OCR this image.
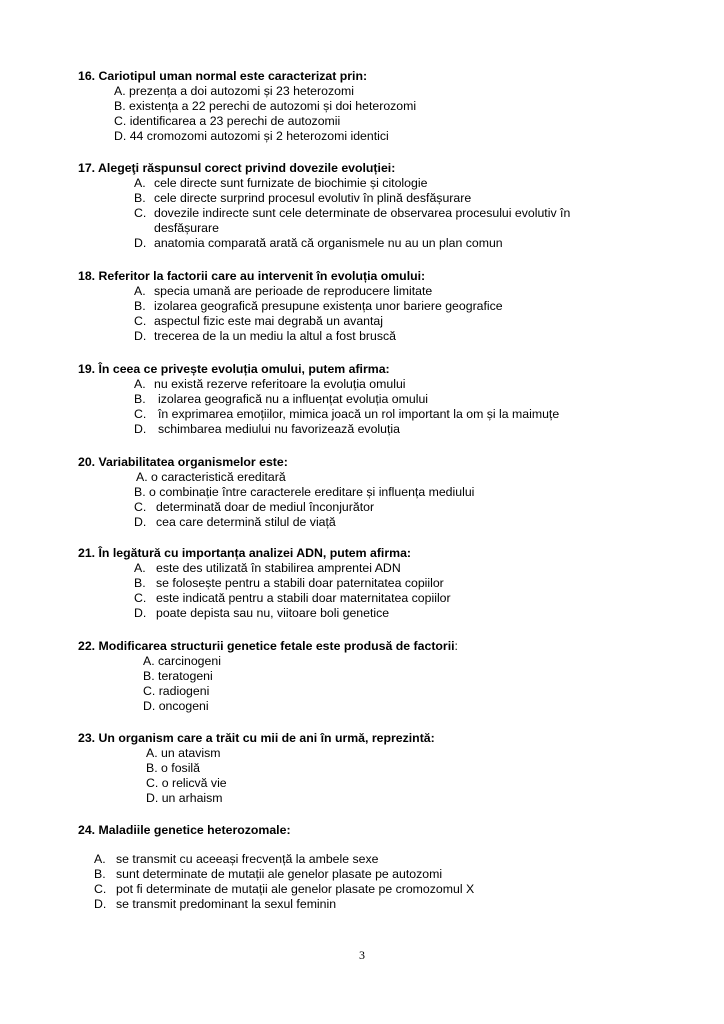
16. Cariotipul uman normal este caracterizat prin:

A. prezența a doi autozomi și 23 heterozomi

B. existența a 22 perechi de autozomi și doi heterozomi

C. identificarea a 23 perechi de autozomii

D. 44 cromozomi autozomi și 2 heterozomi identici

17. Alegeţi răspunsul corect privind dovezile evoluției:

A. cele directe sunt furnizate de biochimie și citologie

B. cele directe surprind procesul evolutiv în plină desfășurare

C. dovezile indirecte sunt cele determinate de observarea procesului evolutiv în

desfășurare

D. anatomia comparată arată că organismele nu au un plan comun

18. Referitor la factorii care au intervenit în evoluția omului:

A. specia umană are perioade de reproducere limitate

B. izolarea geografică presupune existența unor bariere geografice

C. aspectul fizic este mai degrabă un avantaj

D. trecerea de la un mediu la altul a fost bruscă

19. În ceea ce privește evoluția omului, putem afirma:

A. nu există rezerve referitoare la evoluția omului

B. izolarea geografică nu a influențat evoluția omului

C. în exprimarea emoțiilor, mimica joacă un rol important la om și la maimuțe

D. schimbarea mediului nu favorizează evoluția

20. Variabilitatea organismelor este:

A. o caracteristică ereditară

B. o combinație între caracterele ereditare și influența mediului

C. determinată doar de mediul înconjurător

D. cea care determină stilul de viață

21. În legătură cu importanța analizei ADN, putem afirma:

A. este des utilizată în stabilirea amprentei ADN

B. se folosește pentru a stabili doar paternitatea copiilor

C. este indicată pentru a stabili doar maternitatea copiilor

D. poate depista sau nu, viitoare boli genetice

22. Modificarea structurii genetice fetale este produsă de factorii:

A. carcinogeni

B. teratogeni

C. radiogeni

D. oncogeni

23. Un organism care a trăit cu mii de ani în urmă, reprezintă:

A. un atavism

B. o fosilă

C. o relicvă vie

D. un arhaism

24. Maladiile genetice heterozomale:

A. se transmit cu aceeași frecvență la ambele sexe

B. sunt determinate de mutații ale genelor plasate pe autozomi

C. pot fi determinate de mutații ale genelor plasate pe cromozomul X

D. se transmit predominant la sexul feminin

3
